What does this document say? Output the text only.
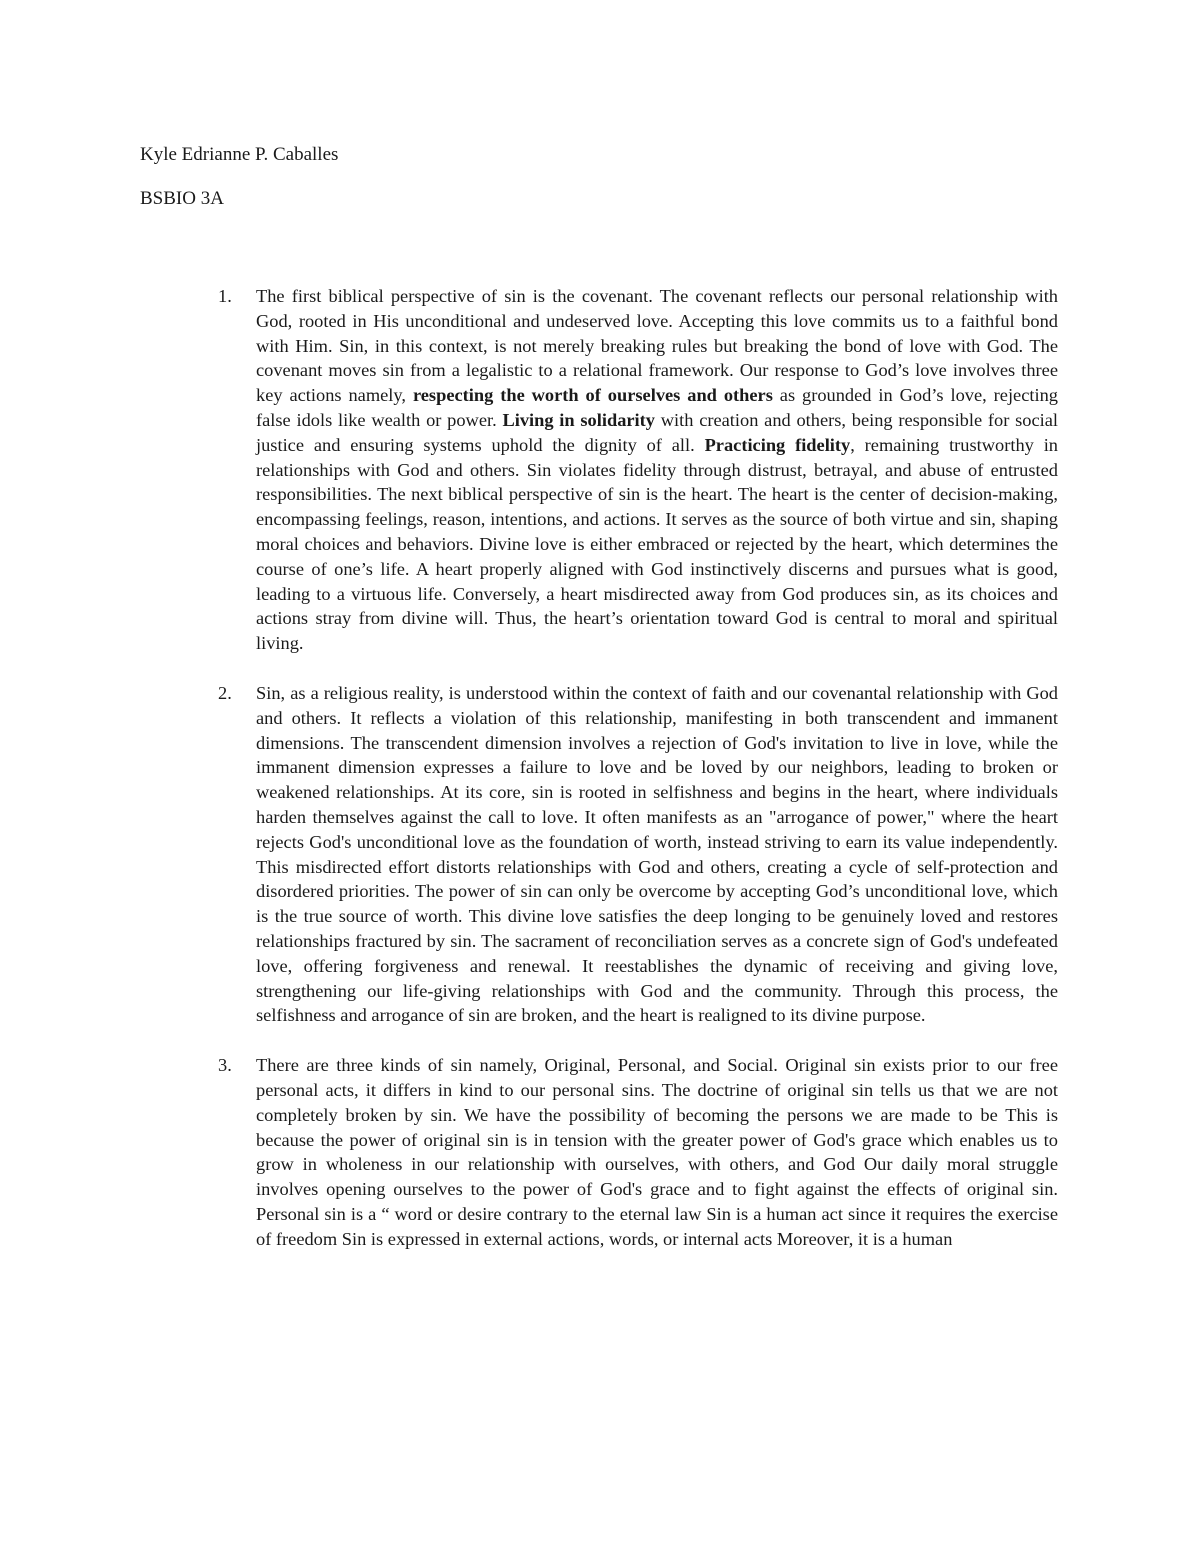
Kyle Edrianne P. Caballes
BSBIO 3A
1. The first biblical perspective of sin is the covenant. The covenant reflects our personal relationship with God, rooted in His unconditional and undeserved love. Accepting this love commits us to a faithful bond with Him. Sin, in this context, is not merely breaking rules but breaking the bond of love with God. The covenant moves sin from a legalistic to a relational framework. Our response to God’s love involves three key actions namely, respecting the worth of ourselves and others as grounded in God’s love, rejecting false idols like wealth or power. Living in solidarity with creation and others, being responsible for social justice and ensuring systems uphold the dignity of all. Practicing fidelity, remaining trustworthy in relationships with God and others. Sin violates fidelity through distrust, betrayal, and abuse of entrusted responsibilities. The next biblical perspective of sin is the heart. The heart is the center of decision-making, encompassing feelings, reason, intentions, and actions. It serves as the source of both virtue and sin, shaping moral choices and behaviors. Divine love is either embraced or rejected by the heart, which determines the course of one’s life. A heart properly aligned with God instinctively discerns and pursues what is good, leading to a virtuous life. Conversely, a heart misdirected away from God produces sin, as its choices and actions stray from divine will. Thus, the heart’s orientation toward God is central to moral and spiritual living.
2. Sin, as a religious reality, is understood within the context of faith and our covenantal relationship with God and others. It reflects a violation of this relationship, manifesting in both transcendent and immanent dimensions. The transcendent dimension involves a rejection of God's invitation to live in love, while the immanent dimension expresses a failure to love and be loved by our neighbors, leading to broken or weakened relationships. At its core, sin is rooted in selfishness and begins in the heart, where individuals harden themselves against the call to love. It often manifests as an "arrogance of power," where the heart rejects God's unconditional love as the foundation of worth, instead striving to earn its value independently. This misdirected effort distorts relationships with God and others, creating a cycle of self-protection and disordered priorities. The power of sin can only be overcome by accepting God’s unconditional love, which is the true source of worth. This divine love satisfies the deep longing to be genuinely loved and restores relationships fractured by sin. The sacrament of reconciliation serves as a concrete sign of God's undefeated love, offering forgiveness and renewal. It reestablishes the dynamic of receiving and giving love, strengthening our life-giving relationships with God and the community. Through this process, the selfishness and arrogance of sin are broken, and the heart is realigned to its divine purpose.
3. There are three kinds of sin namely, Original, Personal, and Social. Original sin exists prior to our free personal acts, it differs in kind to our personal sins. The doctrine of original sin tells us that we are not completely broken by sin. We have the possibility of becoming the persons we are made to be This is because the power of original sin is in tension with the greater power of God's grace which enables us to grow in wholeness in our relationship with ourselves, with others, and God Our daily moral struggle involves opening ourselves to the power of God's grace and to fight against the effects of original sin. Personal sin is a “ word or desire contrary to the eternal law Sin is a human act since it requires the exercise of freedom Sin is expressed in external actions, words, or internal acts Moreover, it is a human
